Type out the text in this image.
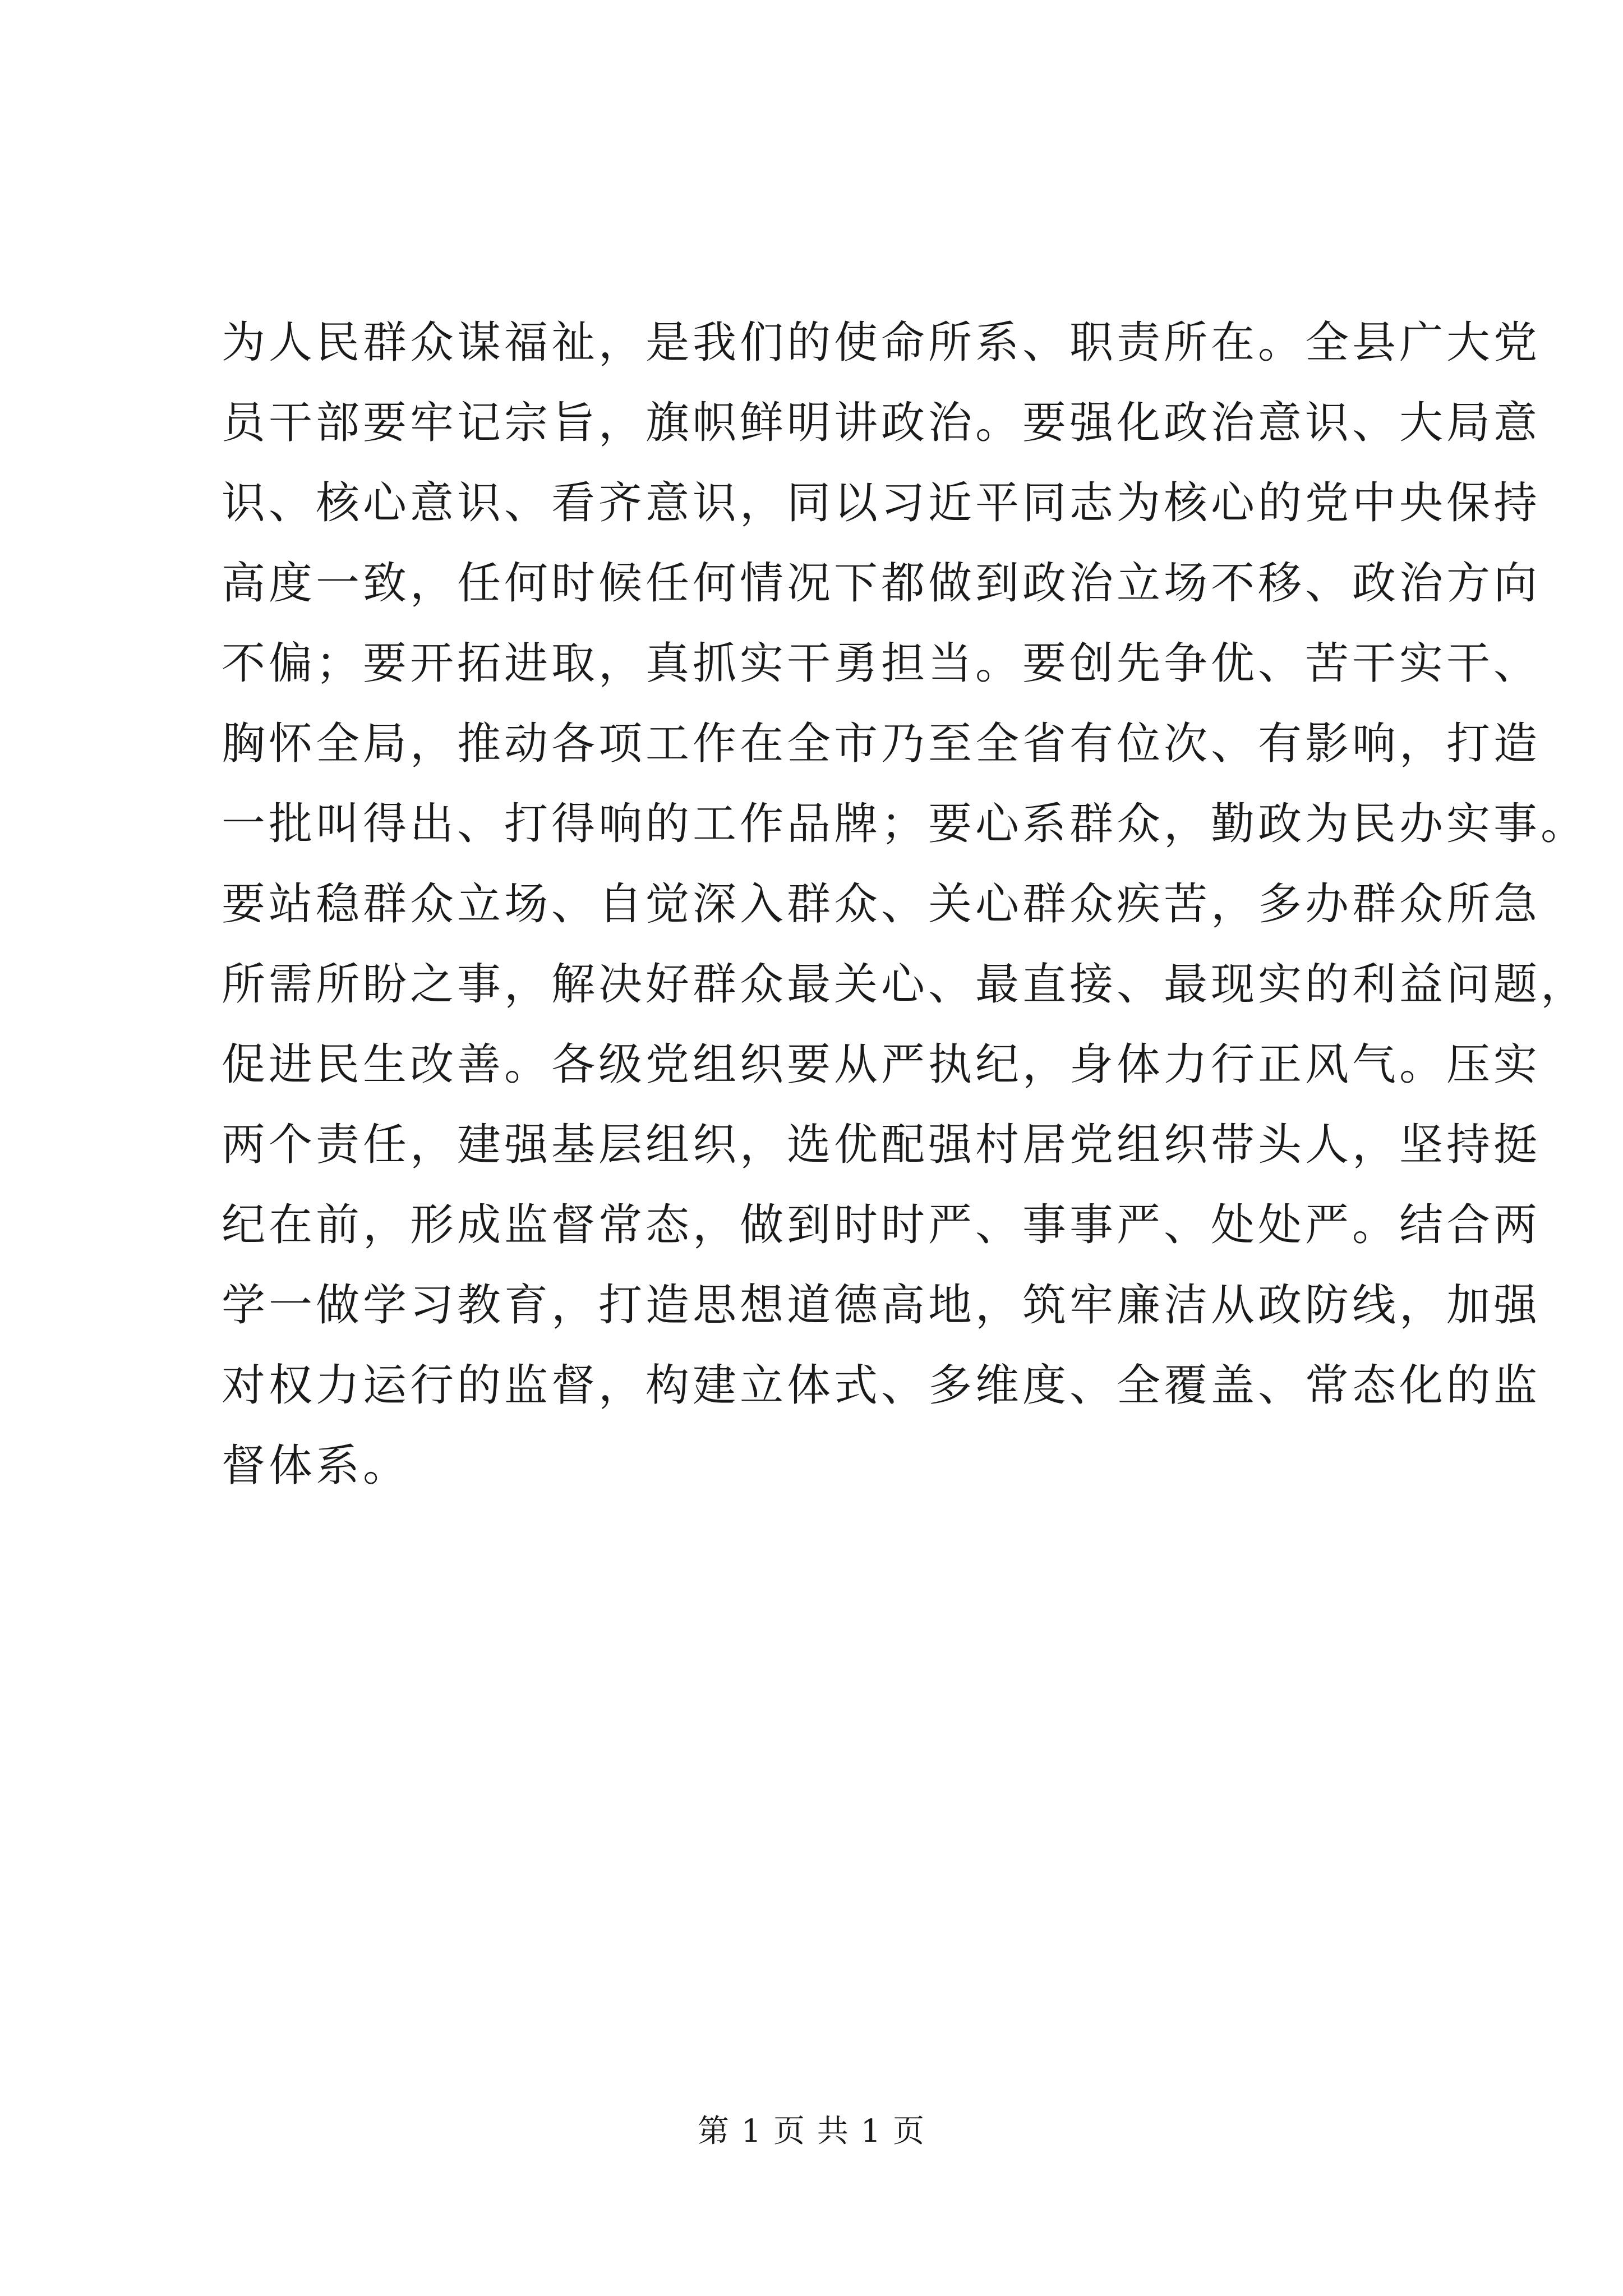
为人民群众谋福祉，是我们的使命所系、职责所在。全县广大党
员干部要牢记宗旨，旗帜鲜明讲政治。要强化政治意识、大局意
识、核心意识、看齐意识，同以习近平同志为核心的党中央保持
高度一致，任何时候任何情况下都做到政治立场不移、政治方向
不偏；要开拓进取，真抓实干勇担当。要创先争优、苦干实干、
胸怀全局，推动各项工作在全市乃至全省有位次、有影响，打造
一批叫得出、打得响的工作品牌；要心系群众，勤政为民办实事。
要站稳群众立场、自觉深入群众、关心群众疾苦，多办群众所急
所需所盼之事，解决好群众最关心、最直接、最现实的利益问题，
促进民生改善。各级党组织要从严执纪，身体力行正风气。压实
两个责任，建强基层组织，选优配强村居党组织带头人，坚持挺
纪在前，形成监督常态，做到时时严、事事严、处处严。结合两
学一做学习教育，打造思想道德高地，筑牢廉洁从政防线，加强
对权力运行的监督，构建立体式、多维度、全覆盖、常态化的监
督体系。
第 1 页 共 1 页
